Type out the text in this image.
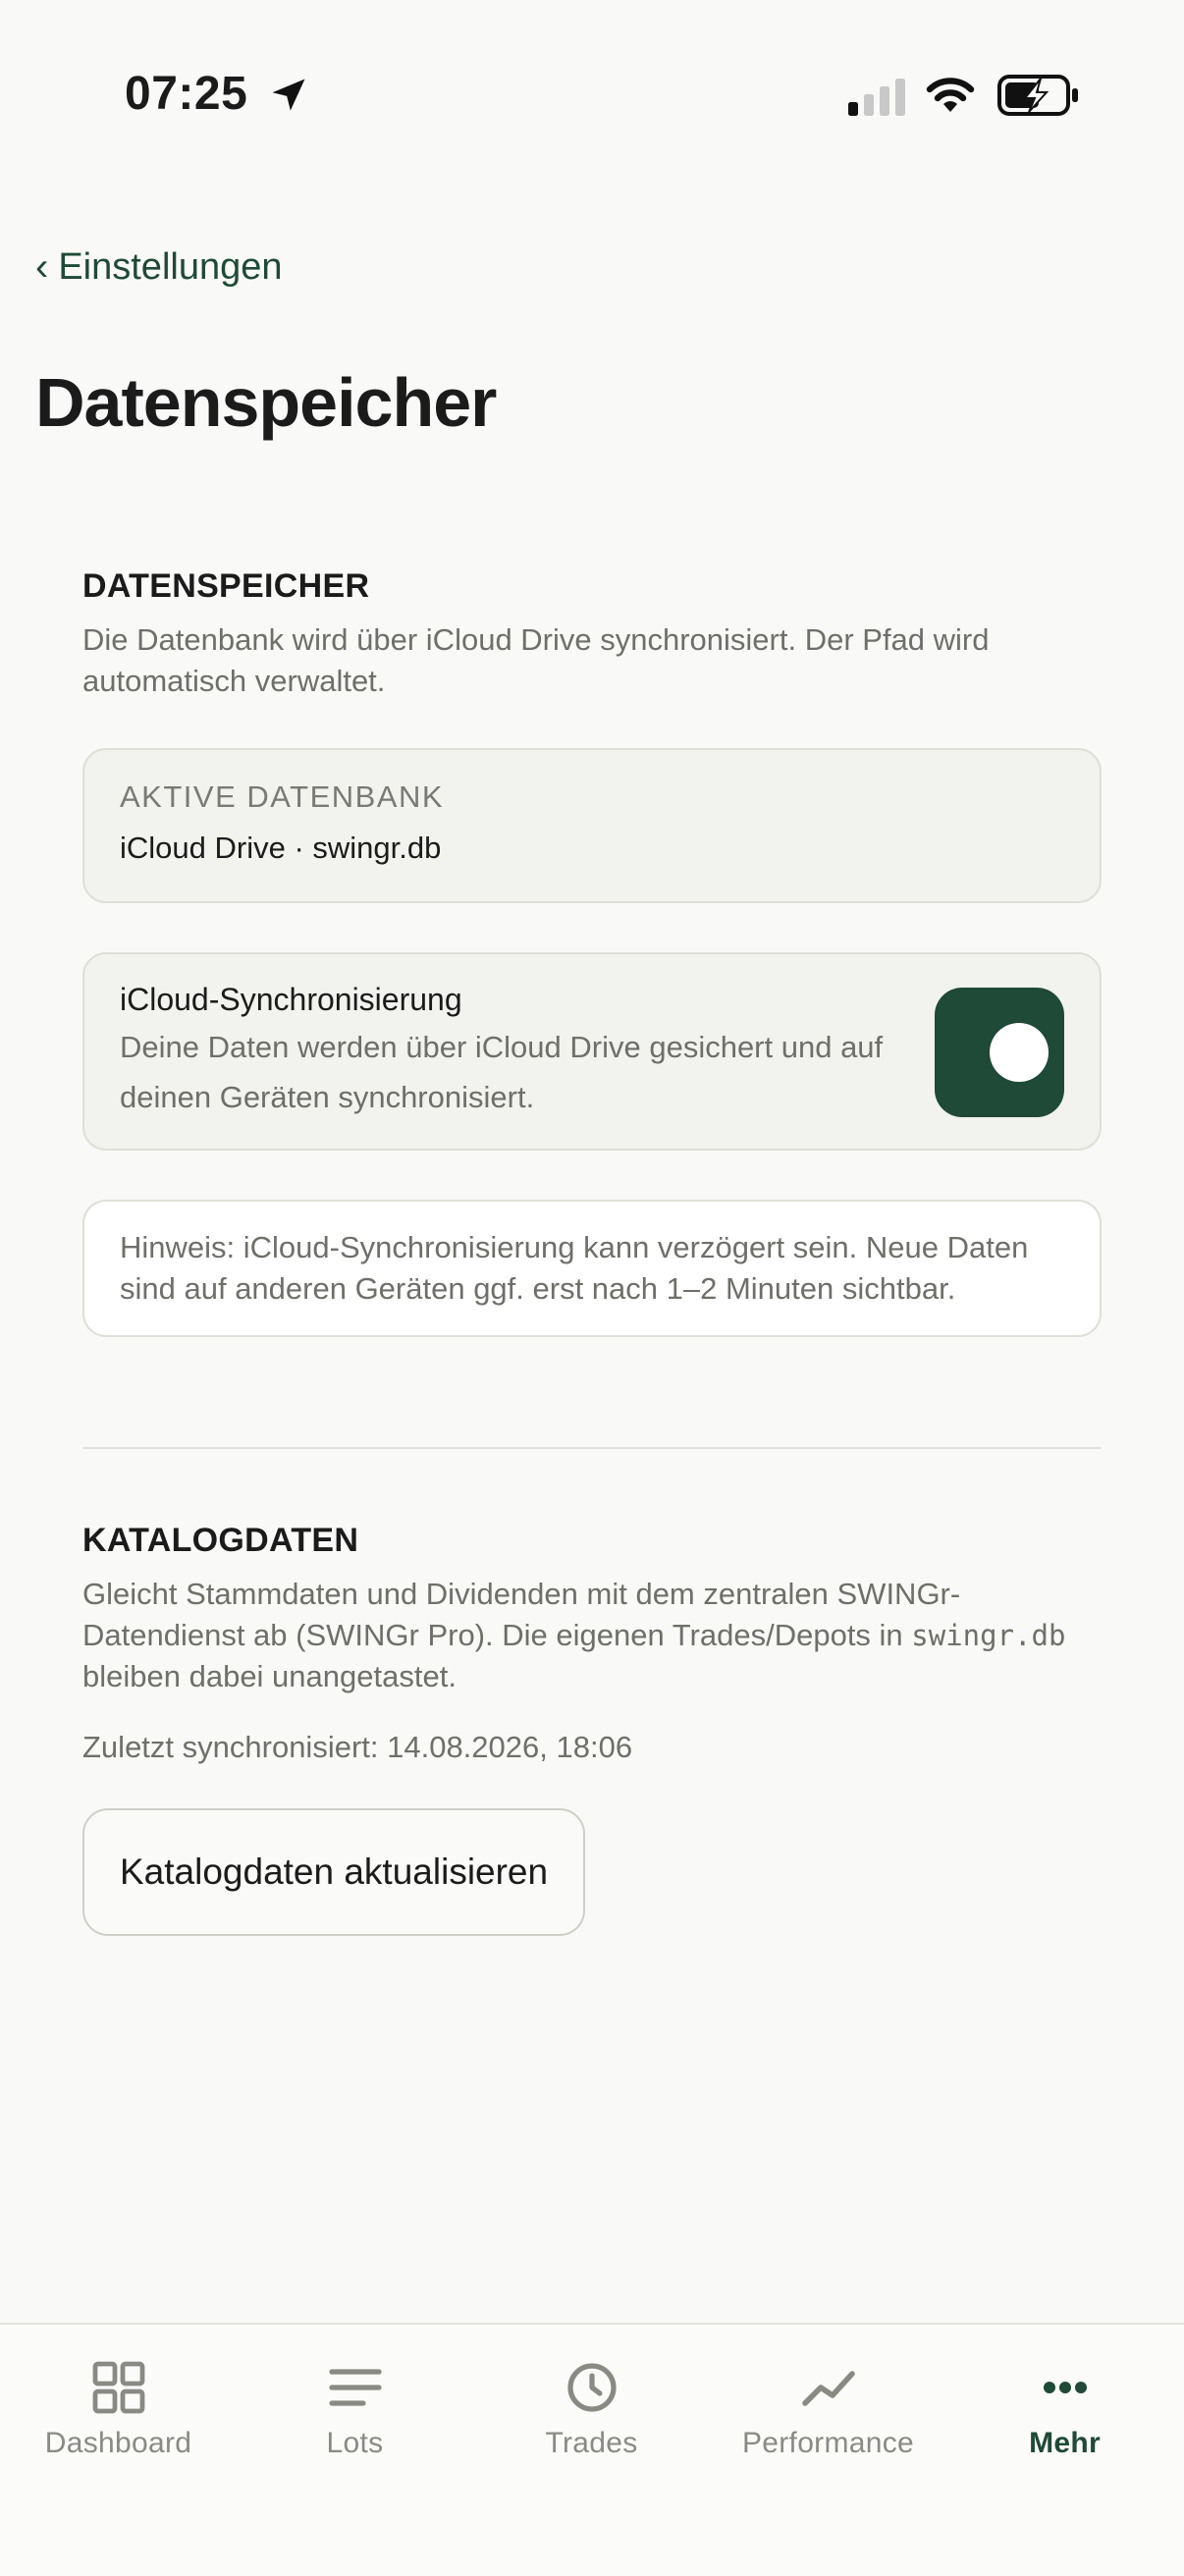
07:25
‹ Einstellungen
Datenspeicher
DATENSPEICHER

Die Datenbank wird über iCloud Drive synchronisiert. Der Pfad wird automatisch verwaltet.

AKTIVE DATENBANK
iCloud Drive · swingr.db
iCloud-Synchronisierung
Deine Daten werden über iCloud Drive gesichert und auf deinen Geräten synchronisiert.
Hinweis: iCloud-Synchronisierung kann verzögert sein. Neue Daten sind auf anderen Geräten ggf. erst nach 1–2 Minuten sichtbar.
KATALOGDATEN

Gleicht Stammdaten und Dividenden mit dem zentralen SWINGr-Datendienst ab (SWINGr Pro). Die eigenen Trades/Depots in swingr.db bleiben dabei unangetastet.

Zuletzt synchronisiert: 14.08.2026, 18:06

Katalogdaten aktualisieren
Dashboard	Lots	Trades	Performance	Mehr
